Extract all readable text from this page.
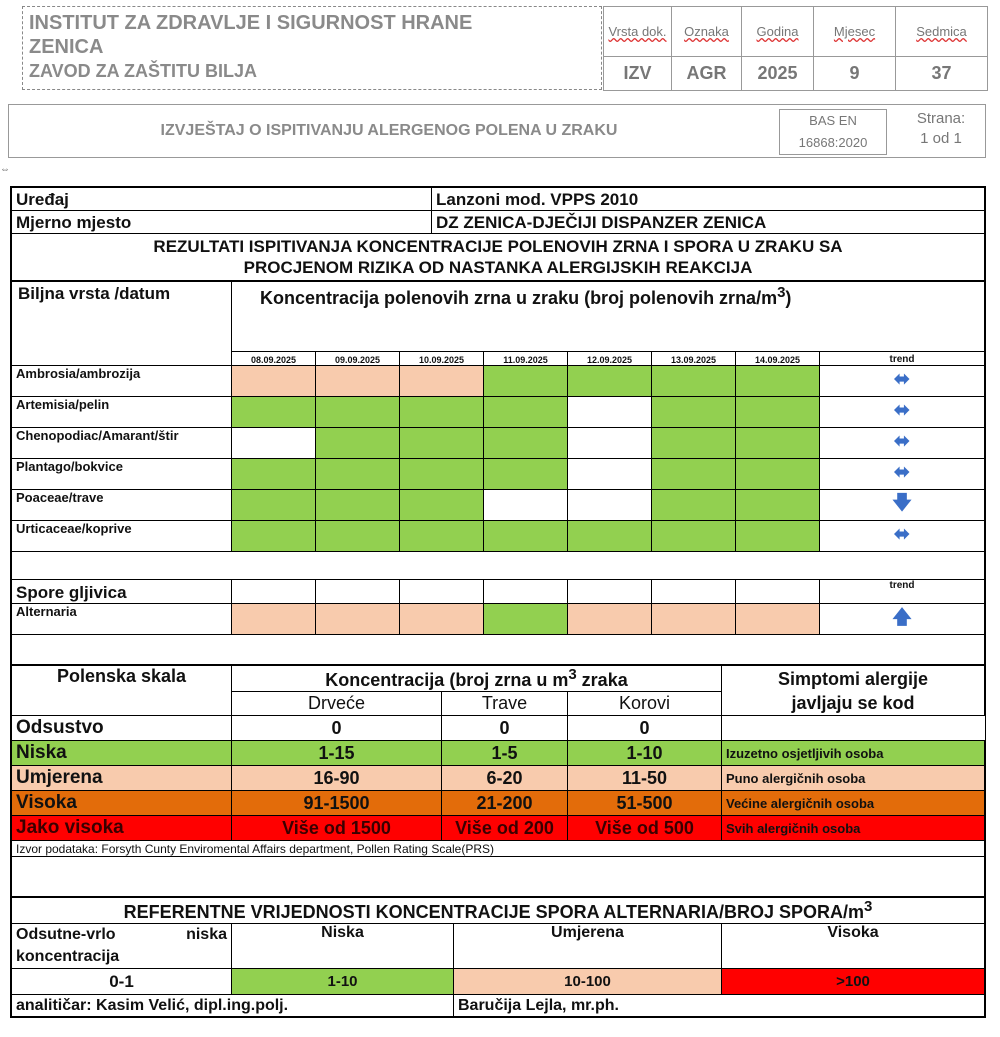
INSTITUT ZA ZDRAVLJE I SIGURNOST HRANE
ZENICA
ZAVOD ZA ZAŠTITU BILJA
Vrsta dok.	Oznaka	Godina	Mjesec	Sedmica
IZV	AGR	2025	9	37
IZVJEŠTAJ O ISPITIVANJU ALERGENOG POLENA U ZRAKU
BAS EN 16868:2020
Strana:
1 od 1
⇔
Uređaj	Lanzoni mod. VPPS 2010
Mjerno mjesto	DZ ZENICA-DJEČIJI DISPANZER ZENICA

REZULTATI ISPITIVANJA KONCENTRACIJE POLENOVIH ZRNA I SPORA U ZRAKU SA
PROCJENOM RIZIKA OD NASTANKA ALERGIJSKIH REAKCIJA	
Biljna vrsta /datum	Koncentracija polenovih zrna u zraku (broj polenovih zrna/$m^3$)							
	08.09.2025	09.09.2025	10.09.2025	11.09.2025	12.09.2025	13.09.2025	14.09.2025	trend
Ambrosia/ambrozija								⬌

Artemisia/pelin								⬌

Chenopodiac/Amarant/štir								⬌

Plantago/bokvice								⬌

Poaceae/trave								🡇

Urticaceae/koprive								⬌

Spore gljivica								trend
Alternaria								🡅

Polenska skala	Koncentracija (broj zrna u $m^3$ zraka			Simptomi alergije
javljaju se kod

	Drveće	Trave	Korovi	
Odsustvo	0	0	0	
Niska	1-15	1-5	1-10	Izuzetno osjetljivih osoba
Umjerena	16-90	6-20	11-50	Puno alergičnih osoba
Visoka	91-1500	21-200	51-500	Većine alergičnih osoba
Jako visoka	Više od 1500	Više od 200	Više od 500	Svih alergičnih osoba
Izvor podataka: Forsyth Cunty Enviromental Affairs department, Pollen Rating Scale(PRS)				

REFERENTNE VRIJEDNOSTI KONCENTRACIJE SPORA ALTERNARIA/BROJ SPORA/$m^3$

Odsutne-vrlo niska
koncentracija	Niska	Umjerena	Visoka
0-1	1-10	10-100	>100
analitičar: Kasim Velić, dipl.ing.polj.		Baručija Lejla, mr.ph.	
